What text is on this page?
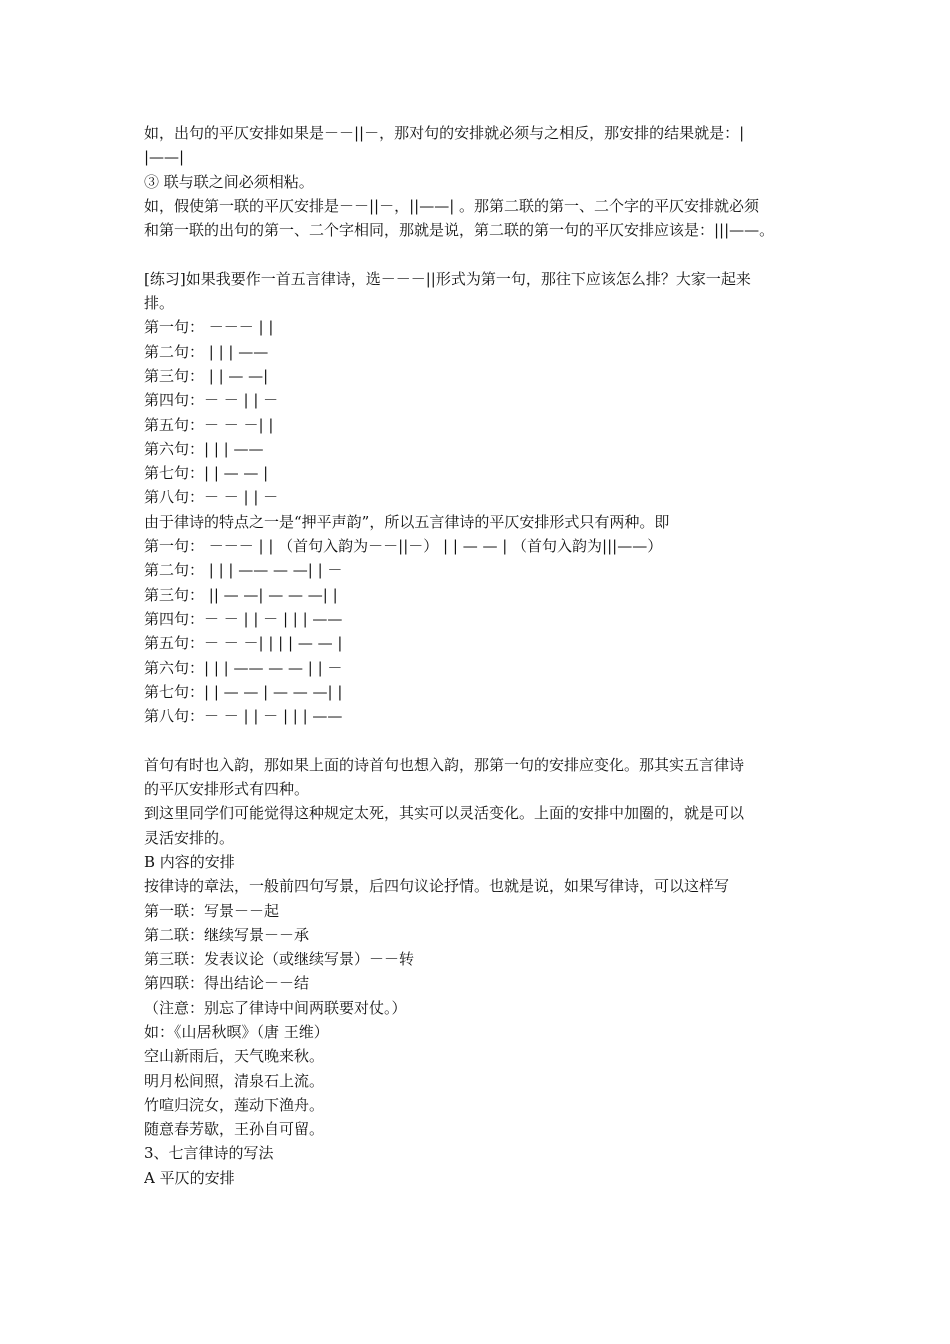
如，出句的平仄安排如果是－－||－，那对句的安排就必须与之相反，那安排的结果就是：|
|——|
③ 联与联之间必须相粘。
如，假使第一联的平仄安排是－－||－，||——| 。那第二联的第一、二个字的平仄安排就必须
和第一联的出句的第一、二个字相同，那就是说，第二联的第一句的平仄安排应该是：|||——。
[练习]如果我要作一首五言律诗，选－－－||形式为第一句，那往下应该怎么排？大家一起来
排。
第一句： －－－ | |
第二句： | | | ——
第三句： | | — —|
第四句：－ － | | －
第五句：－ － －| |
第六句：| | | ——
第七句：| | — — |
第八句：－ － | | －
由于律诗的特点之一是“押平声韵”，所以五言律诗的平仄安排形式只有两种。即
第一句： －－－ | | （首句入韵为－－||－） | | — — | （首句入韵为|||——）
第二句： | | | —— — —| | －
第三句： || — —| — — —| |
第四句：－ － | | － | | | ——
第五句：－ － －| | | | — — |
第六句：| | | —— — — | | －
第七句：| | — — | — — —| |
第八句：－ － | | － | | | ——
首句有时也入韵，那如果上面的诗首句也想入韵，那第一句的安排应变化。那其实五言律诗
的平仄安排形式有四种。
到这里同学们可能觉得这种规定太死，其实可以灵活变化。上面的安排中加圈的，就是可以
灵活安排的。
B 内容的安排
按律诗的章法，一般前四句写景，后四句议论抒情。也就是说，如果写律诗，可以这样写
第一联：写景－－起
第二联：继续写景－－承
第三联：发表议论（或继续写景）－－转
第四联：得出结论－－结
（注意：别忘了律诗中间两联要对仗。）
如：《山居秋暝》（唐 王维）
空山新雨后，天气晚来秋。
明月松间照，清泉石上流。
竹喧归浣女，莲动下渔舟。
随意春芳歇，王孙自可留。
3、七言律诗的写法
A 平仄的安排
